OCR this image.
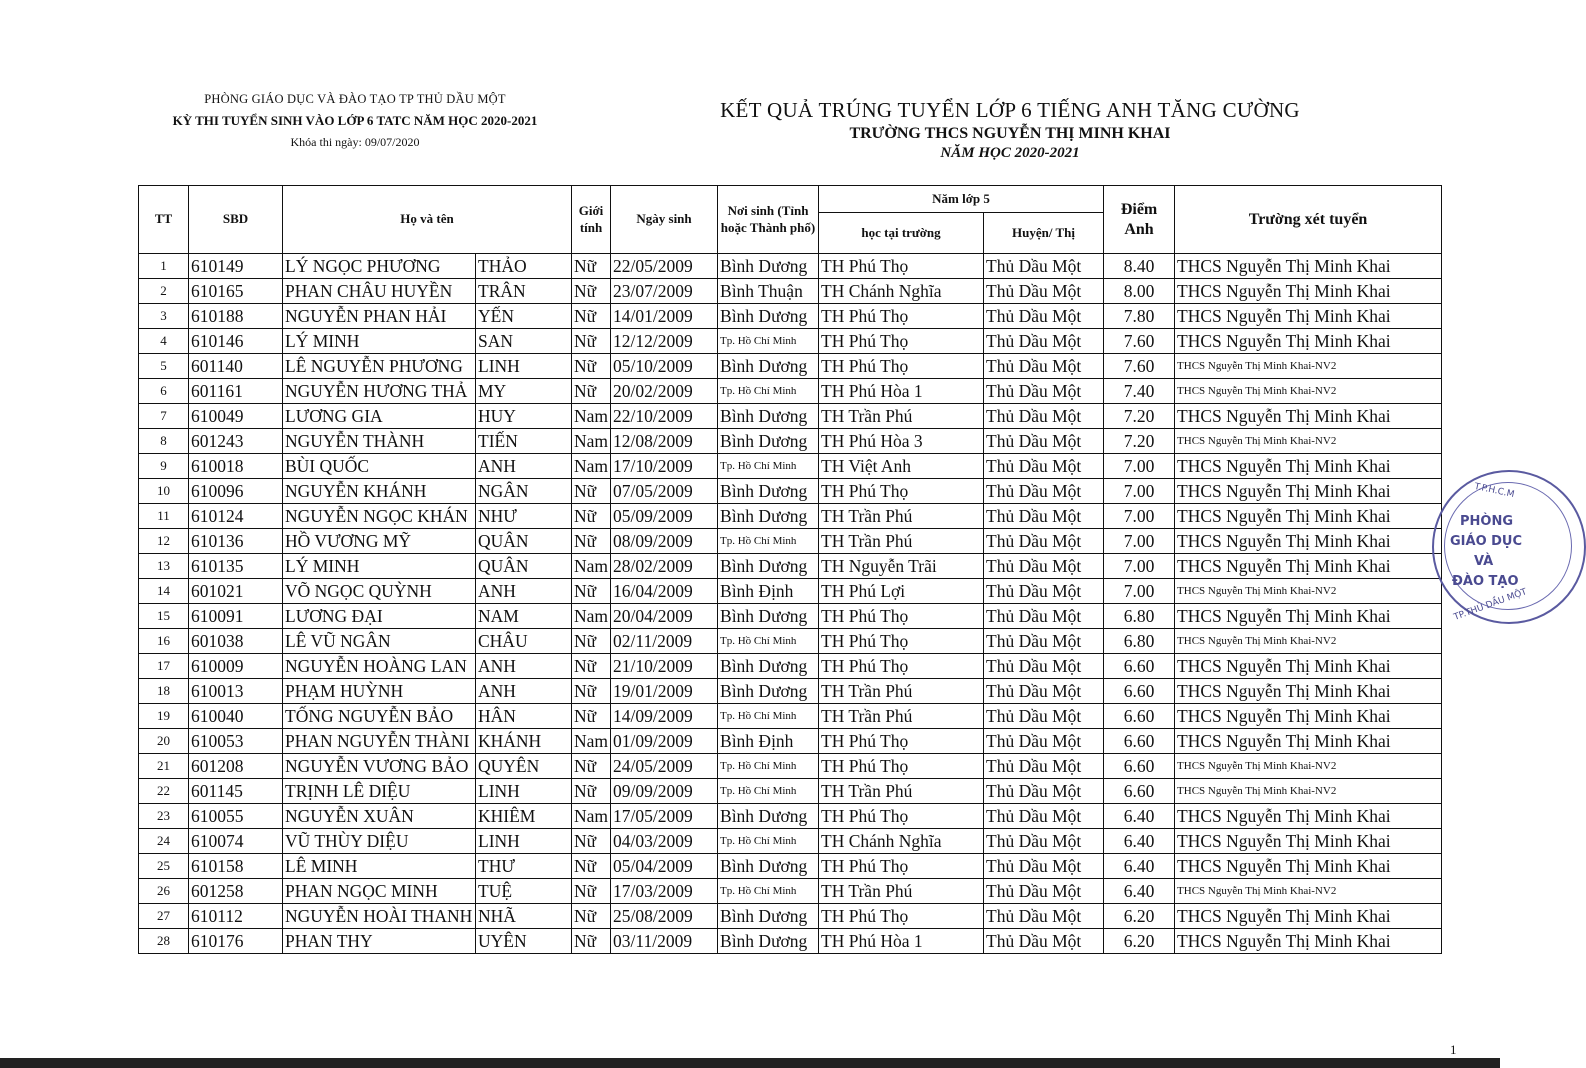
PHÒNG GIÁO DỤC VÀ ĐÀO TẠO TP THỦ DẦU MỘT
KỲ THI TUYỂN SINH VÀO LỚP 6 TATC NĂM HỌC 2020-2021
Khóa thi ngày: 09/07/2020
KẾT QUẢ TRÚNG TUYỂN LỚP 6 TIẾNG ANH TĂNG CƯỜNG
TRƯỜNG THCS NGUYỄN THỊ MINH KHAI
NĂM HỌC 2020-2021
TT	SBD	Họ và tên		Giới tính	Ngày sinh	Nơi sinh (Tỉnh hoặc Thành phố)	Năm lớp 5		Điểm Anh	Trường xét tuyển
							học tại trường	Huyện/ Thị		
1	610149	LÝ NGỌC PHƯƠNG	THẢO	Nữ	22/05/2009	Bình Dương	TH Phú Thọ	Thủ Dầu Một	8.40	THCS Nguyễn Thị Minh Khai
2	610165	PHAN CHÂU HUYỀN	TRÂN	Nữ	23/07/2009	Bình Thuận	TH Chánh Nghĩa	Thủ Dầu Một	8.00	THCS Nguyễn Thị Minh Khai
3	610188	NGUYỄN PHAN HẢI	YẾN	Nữ	14/01/2009	Bình Dương	TH Phú Thọ	Thủ Dầu Một	7.80	THCS Nguyễn Thị Minh Khai
4	610146	LÝ MINH	SAN	Nữ	12/12/2009	Tp. Hồ Chí Minh	TH Phú Thọ	Thủ Dầu Một	7.60	THCS Nguyễn Thị Minh Khai
5	601140	LÊ NGUYỄN PHƯƠNG	LINH	Nữ	05/10/2009	Bình Dương	TH Phú Thọ	Thủ Dầu Một	7.60	THCS Nguyễn Thị Minh Khai-NV2
6	601161	NGUYỄN HƯƠNG THẢ	MY	Nữ	20/02/2009	Tp. Hồ Chí Minh	TH Phú Hòa 1	Thủ Dầu Một	7.40	THCS Nguyễn Thị Minh Khai-NV2
7	610049	LƯƠNG GIA	HUY	Nam	22/10/2009	Bình Dương	TH Trần Phú	Thủ Dầu Một	7.20	THCS Nguyễn Thị Minh Khai
8	601243	NGUYỄN THÀNH	TIẾN	Nam	12/08/2009	Bình Dương	TH Phú Hòa 3	Thủ Dầu Một	7.20	THCS Nguyễn Thị Minh Khai-NV2
9	610018	BÙI QUỐC	ANH	Nam	17/10/2009	Tp. Hồ Chí Minh	TH Việt Anh	Thủ Dầu Một	7.00	THCS Nguyễn Thị Minh Khai
10	610096	NGUYỄN KHÁNH	NGÂN	Nữ	07/05/2009	Bình Dương	TH Phú Thọ	Thủ Dầu Một	7.00	THCS Nguyễn Thị Minh Khai
11	610124	NGUYỄN NGỌC KHÁN	NHƯ	Nữ	05/09/2009	Bình Dương	TH Trần Phú	Thủ Dầu Một	7.00	THCS Nguyễn Thị Minh Khai
12	610136	HỒ VƯƠNG MỸ	QUÂN	Nữ	08/09/2009	Tp. Hồ Chí Minh	TH Trần Phú	Thủ Dầu Một	7.00	THCS Nguyễn Thị Minh Khai
13	610135	LÝ MINH	QUÂN	Nam	28/02/2009	Bình Dương	TH Nguyễn Trãi	Thủ Dầu Một	7.00	THCS Nguyễn Thị Minh Khai
14	601021	VÕ NGỌC QUỲNH	ANH	Nữ	16/04/2009	Bình Định	TH Phú Lợi	Thủ Dầu Một	7.00	THCS Nguyễn Thị Minh Khai-NV2
15	610091	LƯƠNG ĐẠI	NAM	Nam	20/04/2009	Bình Dương	TH Phú Thọ	Thủ Dầu Một	6.80	THCS Nguyễn Thị Minh Khai
16	601038	LÊ VŨ NGÂN	CHÂU	Nữ	02/11/2009	Tp. Hồ Chí Minh	TH Phú Thọ	Thủ Dầu Một	6.80	THCS Nguyễn Thị Minh Khai-NV2
17	610009	NGUYỄN HOÀNG LAN	ANH	Nữ	21/10/2009	Bình Dương	TH Phú Thọ	Thủ Dầu Một	6.60	THCS Nguyễn Thị Minh Khai
18	610013	PHẠM HUỲNH	ANH	Nữ	19/01/2009	Bình Dương	TH Trần Phú	Thủ Dầu Một	6.60	THCS Nguyễn Thị Minh Khai
19	610040	TỐNG NGUYỄN BẢO	HÂN	Nữ	14/09/2009	Tp. Hồ Chí Minh	TH Trần Phú	Thủ Dầu Một	6.60	THCS Nguyễn Thị Minh Khai
20	610053	PHAN NGUYỄN THÀNI	KHÁNH	Nam	01/09/2009	Bình Định	TH Phú Thọ	Thủ Dầu Một	6.60	THCS Nguyễn Thị Minh Khai
21	601208	NGUYỄN VƯƠNG BẢO	QUYÊN	Nữ	24/05/2009	Tp. Hồ Chí Minh	TH Phú Thọ	Thủ Dầu Một	6.60	THCS Nguyễn Thị Minh Khai-NV2
22	601145	TRỊNH LÊ DIỆU	LINH	Nữ	09/09/2009	Tp. Hồ Chí Minh	TH Trần Phú	Thủ Dầu Một	6.60	THCS Nguyễn Thị Minh Khai-NV2
23	610055	NGUYỄN XUÂN	KHIÊM	Nam	17/05/2009	Bình Dương	TH Phú Thọ	Thủ Dầu Một	6.40	THCS Nguyễn Thị Minh Khai
24	610074	VŨ THÙY DIỆU	LINH	Nữ	04/03/2009	Tp. Hồ Chí Minh	TH Chánh Nghĩa	Thủ Dầu Một	6.40	THCS Nguyễn Thị Minh Khai
25	610158	LÊ MINH	THƯ	Nữ	05/04/2009	Bình Dương	TH Phú Thọ	Thủ Dầu Một	6.40	THCS Nguyễn Thị Minh Khai
26	601258	PHAN NGỌC MINH	TUỆ	Nữ	17/03/2009	Tp. Hồ Chí Minh	TH Trần Phú	Thủ Dầu Một	6.40	THCS Nguyễn Thị Minh Khai-NV2
27	610112	NGUYỄN HOÀI THANH	NHÃ	Nữ	25/08/2009	Bình Dương	TH Phú Thọ	Thủ Dầu Một	6.20	THCS Nguyễn Thị Minh Khai
28	610176	PHAN THY	UYÊN	Nữ	03/11/2009	Bình Dương	TH Phú Hòa 1	Thủ Dầu Một	6.20	THCS Nguyễn Thị Minh Khai
T.P.H.C.M
PHÒNG
GIÁO DỤC
VÀ
ĐÀO TẠO
TP.THỦ DẦU MỘT
1
